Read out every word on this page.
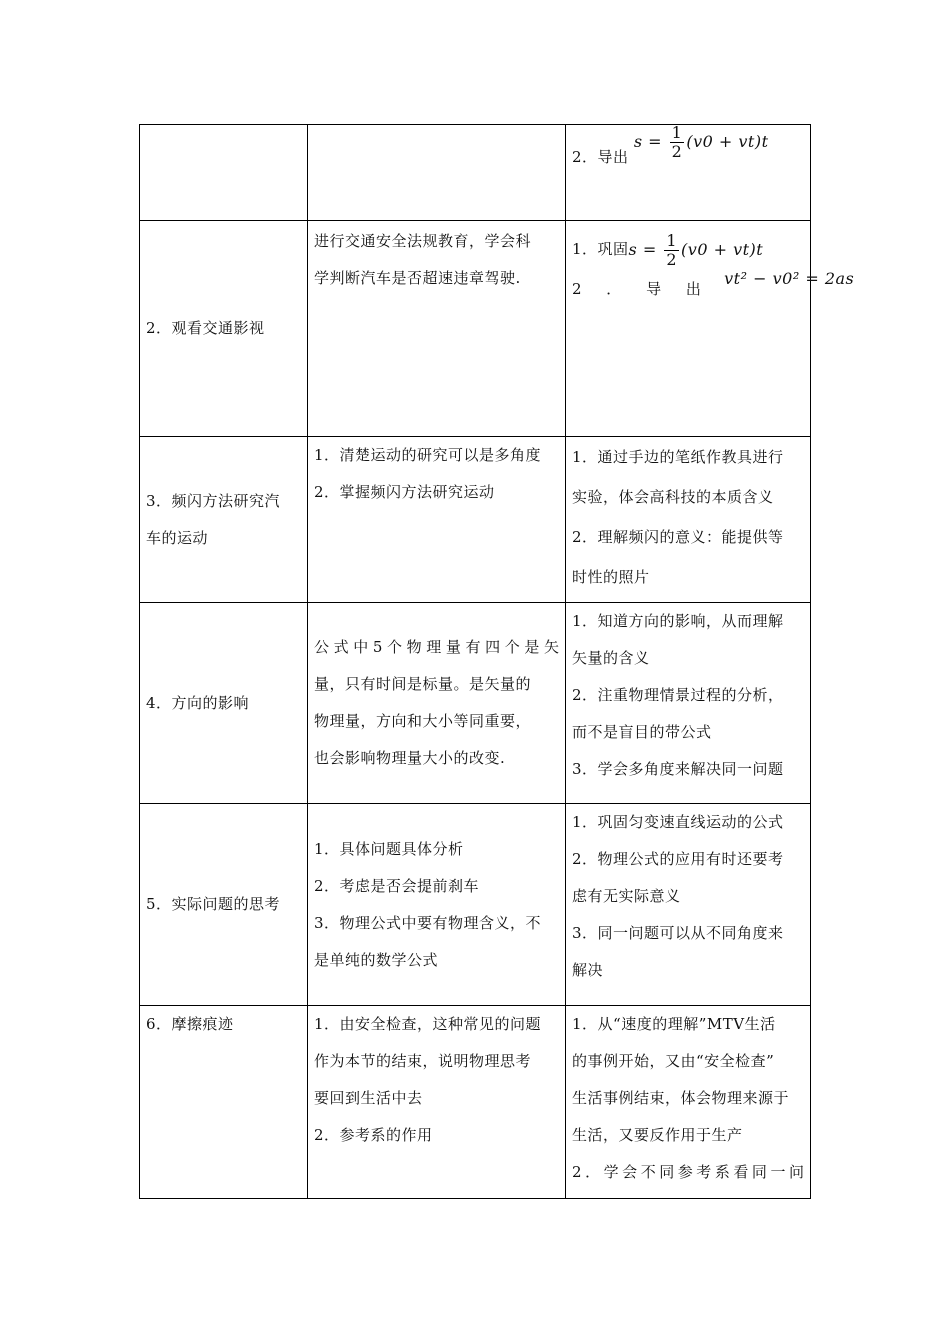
		2．导出 $s = \frac{1}{2} (v0 + vt)t$

2．观看交通影视	进行交通安全法规教育，学会科
学判断汽车是否超速违章驾驶.	1．巩固$s = \frac{1}{2} (v0 + vt)t$
2 ． 导 出 vt² − v0² = 2as

3．频闪方法研究汽
车的运动	1．清楚运动的研究可以是多角度
2．掌握频闪方法研究运动	1．通过手边的笔纸作教具进行
实验，体会高科技的本质含义
2．理解频闪的意义：能提供等
时性的照片

4．方向的影响	公式中5个物理量有四个是矢
量，只有时间是标量。是矢量的
物理量，方向和大小等同重要，
也会影响物理量大小的改变.	1．知道方向的影响，从而理解
矢量的含义
2．注重物理情景过程的分析，
而不是盲目的带公式
3．学会多角度来解决同一问题

5．实际问题的思考	1．具体问题具体分析
2．考虑是否会提前刹车
3．物理公式中要有物理含义，不
是单纯的数学公式	1．巩固匀变速直线运动的公式
2．物理公式的应用有时还要考
虑有无实际意义
3．同一问题可以从不同角度来
解决

6．摩擦痕迹	1．由安全检查，这种常见的问题
作为本节的结束，说明物理思考
要回到生活中去
2．参考系的作用	1．从“速度的理解”MTV生活
的事例开始，又由“安全检查”
生活事例结束，体会物理来源于
生活，又要反作用于生产
2．学会不同参考系看同一问
